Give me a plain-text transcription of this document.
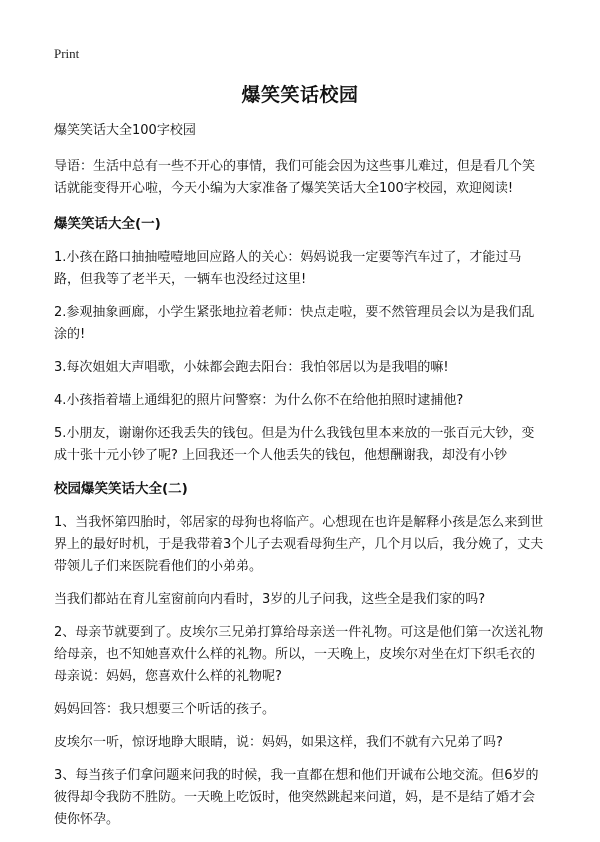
Print
爆笑笑话校园

爆笑笑话大全100字校园

导语：生活中总有一些不开心的事情，我们可能会因为这些事儿难过，但是看几个笑话就能变得开心啦，今天小编为大家准备了爆笑笑话大全100字校园，欢迎阅读!

爆笑笑话大全(一)

1.小孩在路口抽抽噎噎地回应路人的关心：妈妈说我一定要等汽车过了，才能过马路，但我等了老半天，一辆车也没经过这里!

2.参观抽象画廊，小学生紧张地拉着老师：快点走啦，要不然管理员会以为是我们乱涂的!

3.每次姐姐大声唱歌，小妹都会跑去阳台：我怕邻居以为是我唱的嘛!

4.小孩指着墙上通缉犯的照片问警察：为什么你不在给他拍照时逮捕他?

5.小朋友，谢谢你还我丢失的钱包。但是为什么我钱包里本来放的一张百元大钞，变成十张十元小钞了呢? 上回我还一个人他丢失的钱包，他想酬谢我，却没有小钞

校园爆笑笑话大全(二)

1、当我怀第四胎时，邻居家的母狗也将临产。心想现在也许是解释小孩是怎么来到世界上的最好时机，于是我带着3个儿子去观看母狗生产，几个月以后，我分娩了，丈夫带领儿子们来医院看他们的小弟弟。

当我们都站在育儿室窗前向内看时，3岁的儿子问我，这些全是我们家的吗?

2、母亲节就要到了。皮埃尔三兄弟打算给母亲送一件礼物。可这是他们第一次送礼物给母亲，也不知她喜欢什么样的礼物。所以，一天晚上，皮埃尔对坐在灯下织毛衣的母亲说：妈妈，您喜欢什么样的礼物呢?

妈妈回答：我只想要三个听话的孩子。

皮埃尔一听，惊讶地睁大眼睛，说：妈妈，如果这样，我们不就有六兄弟了吗?

3、每当孩子们拿问题来问我的时候，我一直都在想和他们开诚布公地交流。但6岁的彼得却令我防不胜防。一天晚上吃饭时，他突然跳起来问道，妈，是不是结了婚才会使你怀孕。
